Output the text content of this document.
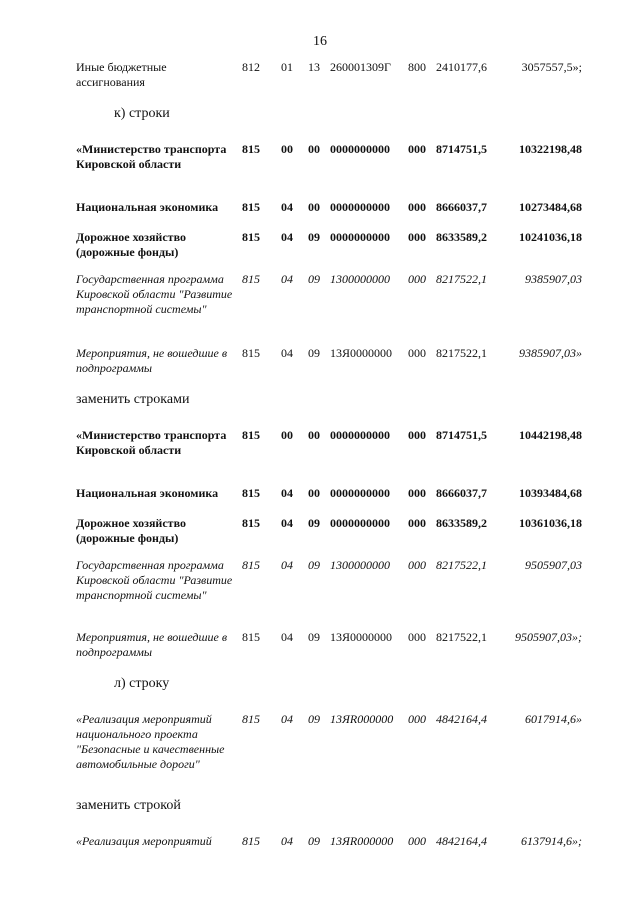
16
Иные бюджетные ассигнования
812 01 13 260001309Г 800 2410177,6	3057557,5»;
«Министерство транспорта Кировской области
815 00 00 0000000000 000 8714751,5	10322198,48
Национальная экономика	815 04 00 0000000000 000 8666037,7	10273484,68
Дорожное хозяйство (дорожные фонды)
815 04 09 0000000000 000 8633589,2	10241036,18
Государственная программа Кировской области "Развитие транспортной системы"
815 04 09 1300000000 000 8217522,1	9385907,03
Мероприятия, не вошедшие в подпрограммы
815 04 09 13Я0000000 000 8217522,1	9385907,03»
«Министерство транспорта Кировской области
815 00 00 0000000000 000 8714751,5	10442198,48
Национальная экономика	815 04 00 0000000000 000 8666037,7	10393484,68
Дорожное хозяйство (дорожные фонды)
815 04 09 0000000000 000 8633589,2	10361036,18
Государственная программа Кировской области "Развитие транспортной системы"
815 04 09 1300000000 000 8217522,1	9505907,03
Мероприятия, не вошедшие в подпрограммы
815 04 09 13Я0000000 000 8217522,1 9505907,03»;
«Реализация мероприятий национального проекта "Безопасные и качественные автомобильные дороги"
815 04 09 13ЯR000000 000 4842164,4	6017914,6»
«Реализация мероприятий	815 04 09 13ЯR000000 000 4842164,4	6137914,6»;
к) строки
заменить строками
л) строку
заменить строкой
